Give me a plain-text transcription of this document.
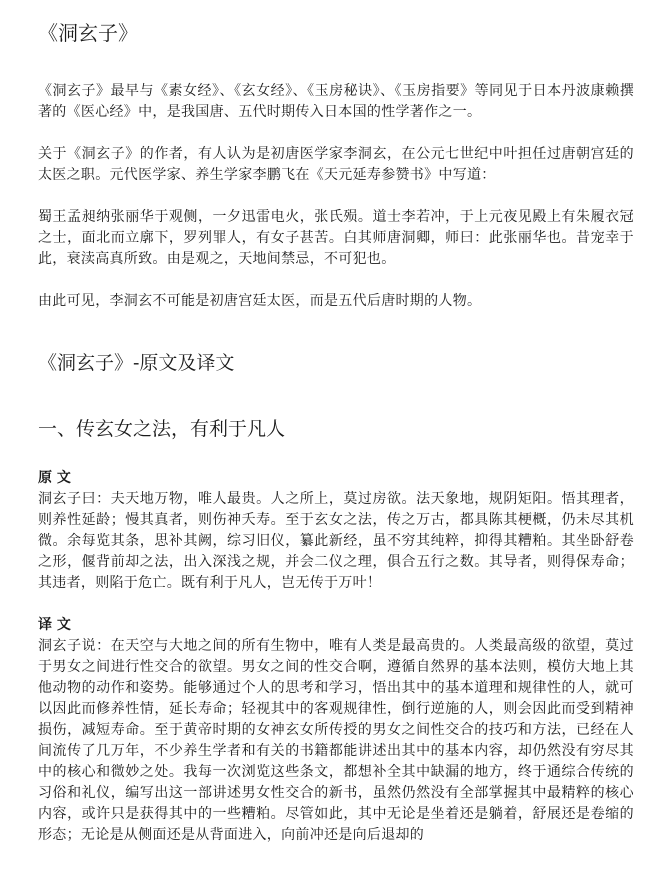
《洞玄子》

《洞玄子》最早与《素女经》、《玄女经》、《玉房秘诀》、《玉房指要》等同见于日本丹波康赖撰著的《医心经》中，是我国唐、五代时期传入日本国的性学著作之一。

关于《洞玄子》的作者，有人认为是初唐医学家李洞玄，在公元七世纪中叶担任过唐朝宫廷的太医之职。元代医学家、养生学家李鹏飞在《天元延寿参赞书》中写道：

蜀王孟昶纳张丽华于观侧，一夕迅雷电火，张氏殒。道士李若冲，于上元夜见殿上有朱履衣冠之士，面北而立廓下，罗列罪人，有女子甚苦。白其师唐洞卿，师曰：此张丽华也。昔宠幸于此，衰渎高真所致。由是观之，天地间禁忌，不可犯也。

由此可见，李洞玄不可能是初唐宫廷太医，而是五代后唐时期的人物。

《洞玄子》-原文及译文
一、传玄女之法，有利于凡人
原 文

洞玄子曰：夫天地万物，唯人最贵。人之所上，莫过房欲。法天象地，规阴矩阳。悟其理者，则养性延龄；慢其真者，则伤神夭寿。至于玄女之法，传之万古，都具陈其梗概，仍未尽其机微。余每览其条，思补其阙，综习旧仪，纂此新经，虽不穷其纯粹，抑得其糟粕。其坐卧舒卷之形，偃背前却之法，出入深浅之规，并会二仪之理，俱合五行之数。其导者，则得保寿命；其违者，则陷于危亡。既有利于凡人，岂无传于万叶！

译 文

洞玄子说：在天空与大地之间的所有生物中，唯有人类是最高贵的。人类最高级的欲望，莫过于男女之间进行性交合的欲望。男女之间的性交合啊，遵循自然界的基本法则，模仿大地上其他动物的动作和姿势。能够通过个人的思考和学习，悟出其中的基本道理和规律性的人，就可以因此而修养性情，延长寿命；轻视其中的客观规律性，倒行逆施的人，则会因此而受到精神损伤，减短寿命。至于黄帝时期的女神玄女所传授的男女之间性交合的技巧和方法，已经在人间流传了几万年，不少养生学者和有关的书籍都能讲述出其中的基本内容，却仍然没有穷尽其中的核心和微妙之处。我每一次浏览这些条文，都想补全其中缺漏的地方，终于通综合传统的习俗和礼仪，编写出这一部讲述男女性交合的新书，虽然仍然没有全部掌握其中最精粹的核心内容，或许只是获得其中的一些糟粕。尽管如此，其中无论是坐着还是躺着，舒展还是卷缩的形态；无论是从侧面还是从背面进入，向前冲还是向后退却的
